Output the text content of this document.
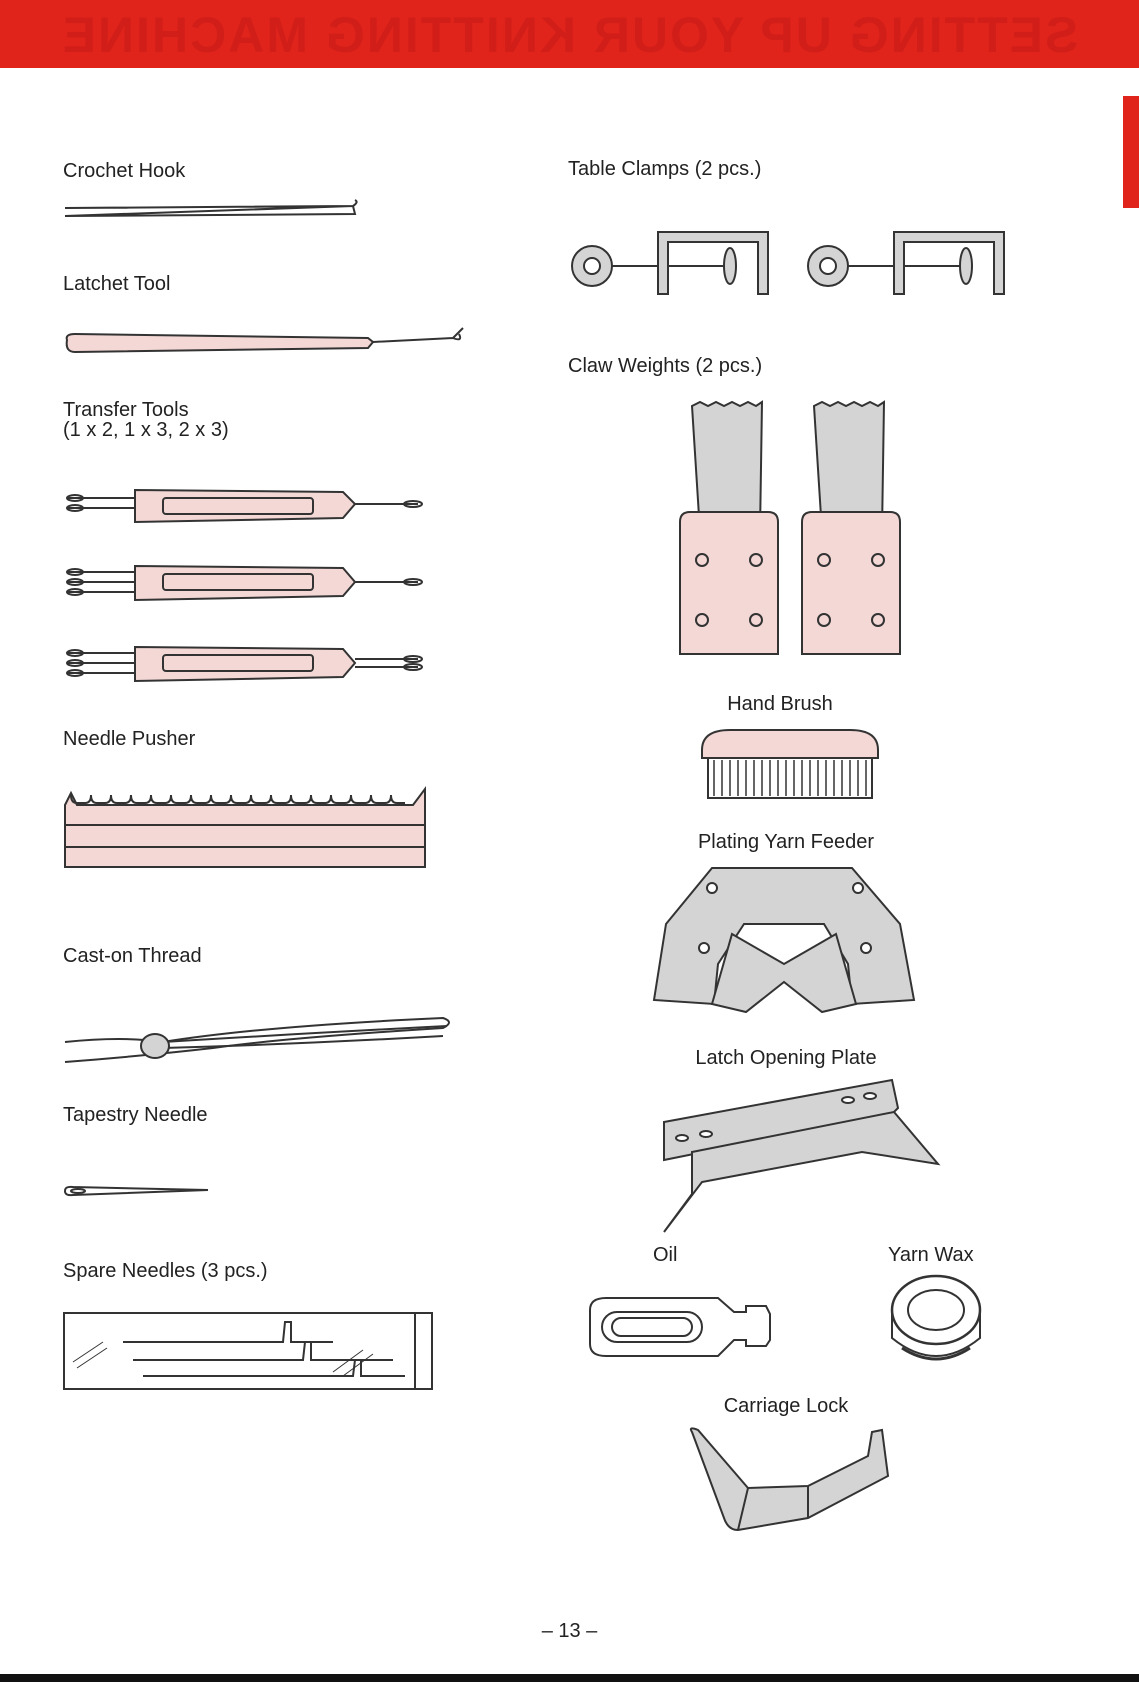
SETTING UP YOUR KNITTING MACHINE
Crochet Hook
Latchet Tool
Transfer Tools
(1 x 2, 1 x 3, 2 x 3)
Needle Pusher
Cast-on Thread
Tapestry Needle
Spare Needles (3 pcs.)
Table Clamps (2 pcs.)
Claw Weights (2 pcs.)
Hand Brush
Plating Yarn Feeder
Latch Opening Plate
Oil	Yarn Wax
Carriage Lock
– 13 –
